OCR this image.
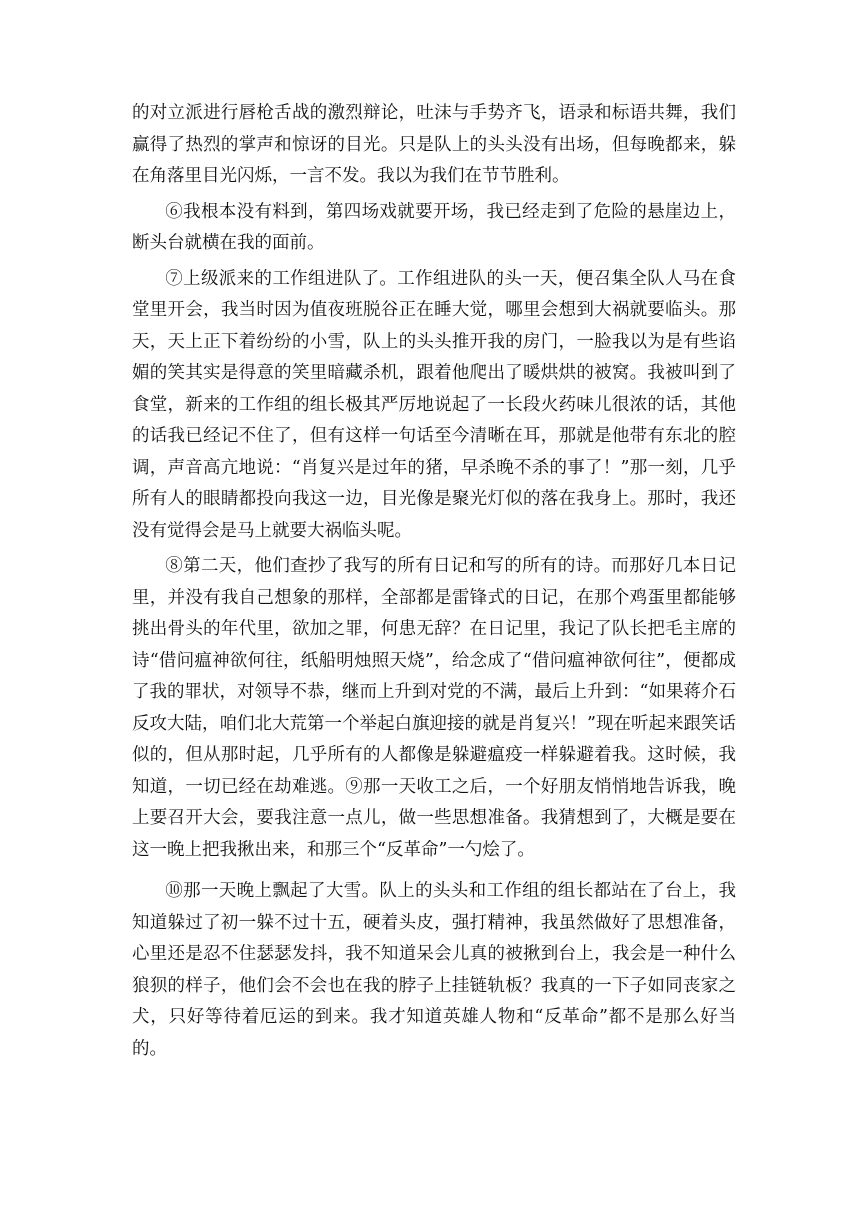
的对立派进行唇枪舌战的激烈辩论，吐沫与手势齐飞，语录和标语共舞，我们赢得了热烈的掌声和惊讶的目光。只是队上的头头没有出场，但每晚都来，躲在角落里目光闪烁，一言不发。我以为我们在节节胜利。

⑥我根本没有料到，第四场戏就要开场，我已经走到了危险的悬崖边上，断头台就横在我的面前。

⑦上级派来的工作组进队了。工作组进队的头一天，便召集全队人马在食堂里开会，我当时因为值夜班脱谷正在睡大觉，哪里会想到大祸就要临头。那天，天上正下着纷纷的小雪，队上的头头推开我的房门，一脸我以为是有些谄媚的笑其实是得意的笑里暗藏杀机，跟着他爬出了暖烘烘的被窝。我被叫到了食堂，新来的工作组的组长极其严厉地说起了一长段火药味儿很浓的话，其他的话我已经记不住了，但有这样一句话至今清晰在耳，那就是他带有东北的腔调，声音高亢地说：“肖复兴是过年的猪，早杀晚不杀的事了！”那一刻，几乎所有人的眼睛都投向我这一边，目光像是聚光灯似的落在我身上。那时，我还没有觉得会是马上就要大祸临头呢。

⑧第二天，他们查抄了我写的所有日记和写的所有的诗。而那好几本日记里，并没有我自己想象的那样，全部都是雷锋式的日记，在那个鸡蛋里都能够挑出骨头的年代里，欲加之罪，何患无辞？在日记里，我记了队长把毛主席的诗“借问瘟神欲何往，纸船明烛照天烧”，给念成了“借问瘟神欲何往”，便都成了我的罪状，对领导不恭，继而上升到对党的不满，最后上升到：“如果蒋介石反攻大陆，咱们北大荒第一个举起白旗迎接的就是肖复兴！”现在听起来跟笑话似的，但从那时起，几乎所有的人都像是躲避瘟疫一样躲避着我。这时候，我知道，一切已经在劫难逃。⑨那一天收工之后，一个好朋友悄悄地告诉我，晚上要召开大会，要我注意一点儿，做一些思想准备。我猜想到了，大概是要在这一晚上把我揪出来，和那三个“反革命”一勺烩了。

⑩那一天晚上飘起了大雪。队上的头头和工作组的组长都站在了台上，我知道躲过了初一躲不过十五，硬着头皮，强打精神，我虽然做好了思想准备，心里还是忍不住瑟瑟发抖，我不知道呆会儿真的被揪到台上，我会是一种什么狼狈的样子，他们会不会也在我的脖子上挂链轨板？我真的一下子如同丧家之犬，只好等待着厄运的到来。我才知道英雄人物和“反革命”都不是那么好当的。
